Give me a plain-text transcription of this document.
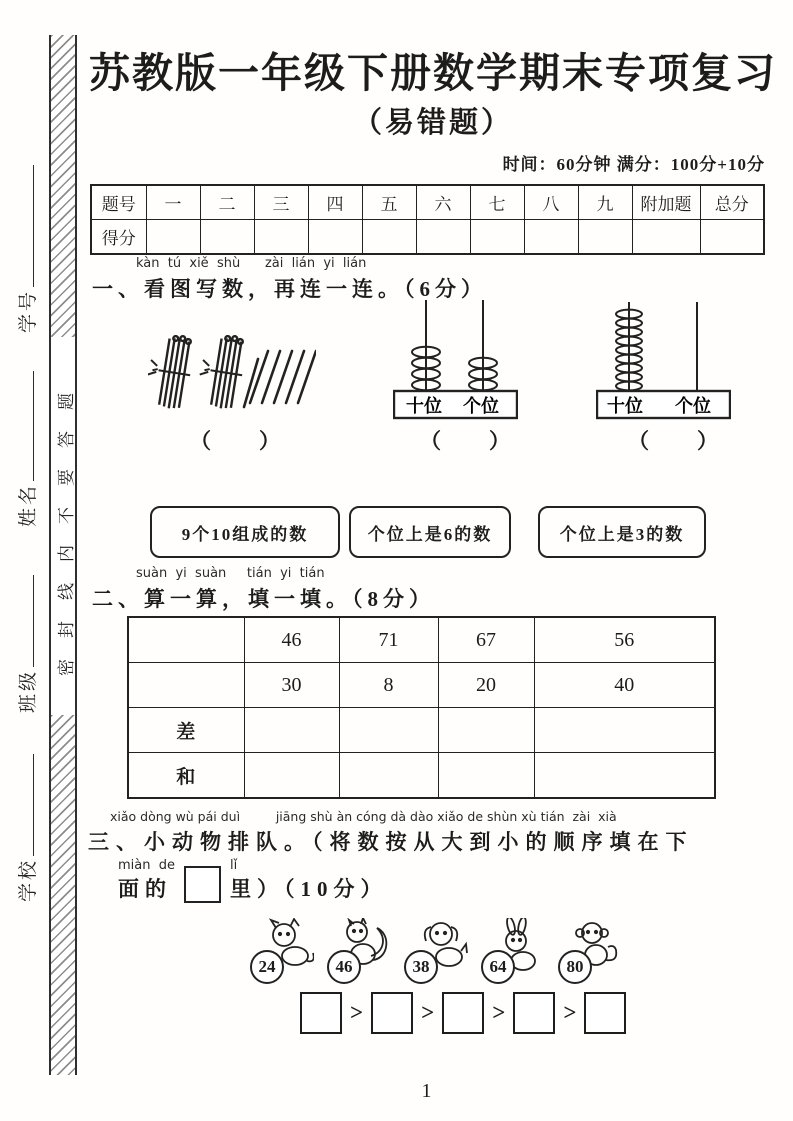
学号
姓名
班级
学校
密封线内不要答题
苏教版一年级下册数学期末专项复习
（易错题）
时间：60分钟 满分：100分+10分
题号	一	二	三	四	五	六	七	八	九	附加题	总分
得分											
kàn  tú  xiě  shù      zài  lián  yi  lián
一、看图写数，再连一连。（6分）
（　　）
十位 个位
（　　）
十位 个位
（　　）
9个10组成的数	个位上是6的数	个位上是3的数
suàn  yi  suàn     tián  yi  tián
二、算一算，填一填。（8分）
	46	71	67	56
	30	8	20	40
差				
和				
xiǎo dòng wù pái duì         jiāng shù àn cóng dà dào xiǎo de shùn xù tián  zài  xià
三、小动物排队。（将数按从大到小的顺序填在下
miàn  de
面的
lǐ
里）（10分）
24	46	38	64	80
>	>	>	>
1
